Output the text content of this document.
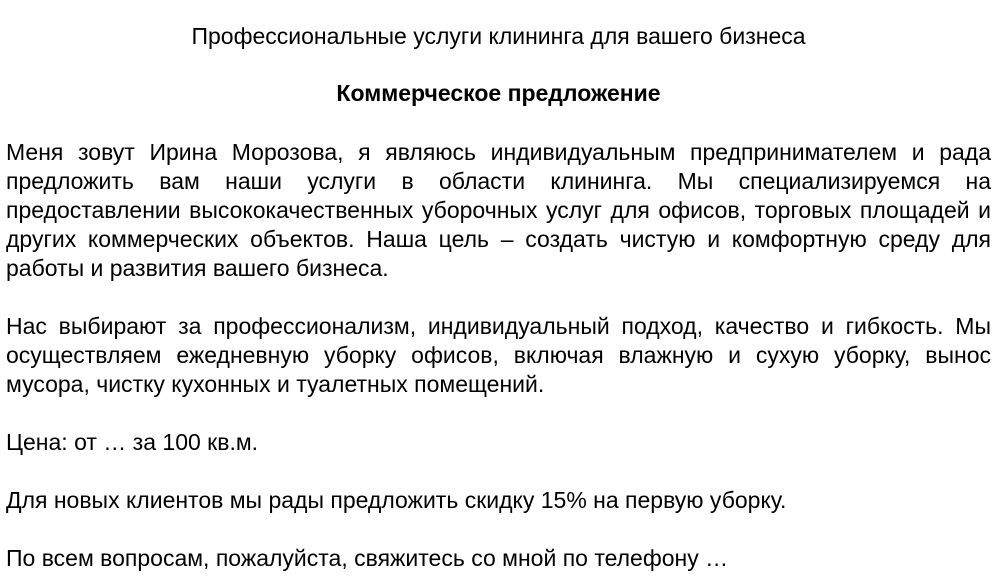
Профессиональные услуги клининга для вашего бизнеса
Коммерческое предложение

Меня зовут Ирина Морозова, я являюсь индивидуальным предпринимателем и рада предложить вам наши услуги в области клининга. Мы специализируемся на предоставлении высококачественных уборочных услуг для офисов, торговых площадей и других коммерческих объектов. Наша цель – создать чистую и комфортную среду для работы и развития вашего бизнеса.

Нас выбирают за профессионализм, индивидуальный подход, качество и гибкость. Мы осуществляем ежедневную уборку офисов, включая влажную и сухую уборку, вынос мусора, чистку кухонных и туалетных помещений.

Цена: от … за 100 кв.м.

Для новых клиентов мы рады предложить скидку 15% на первую уборку.

По всем вопросам, пожалуйста, свяжитесь со мной по телефону …
